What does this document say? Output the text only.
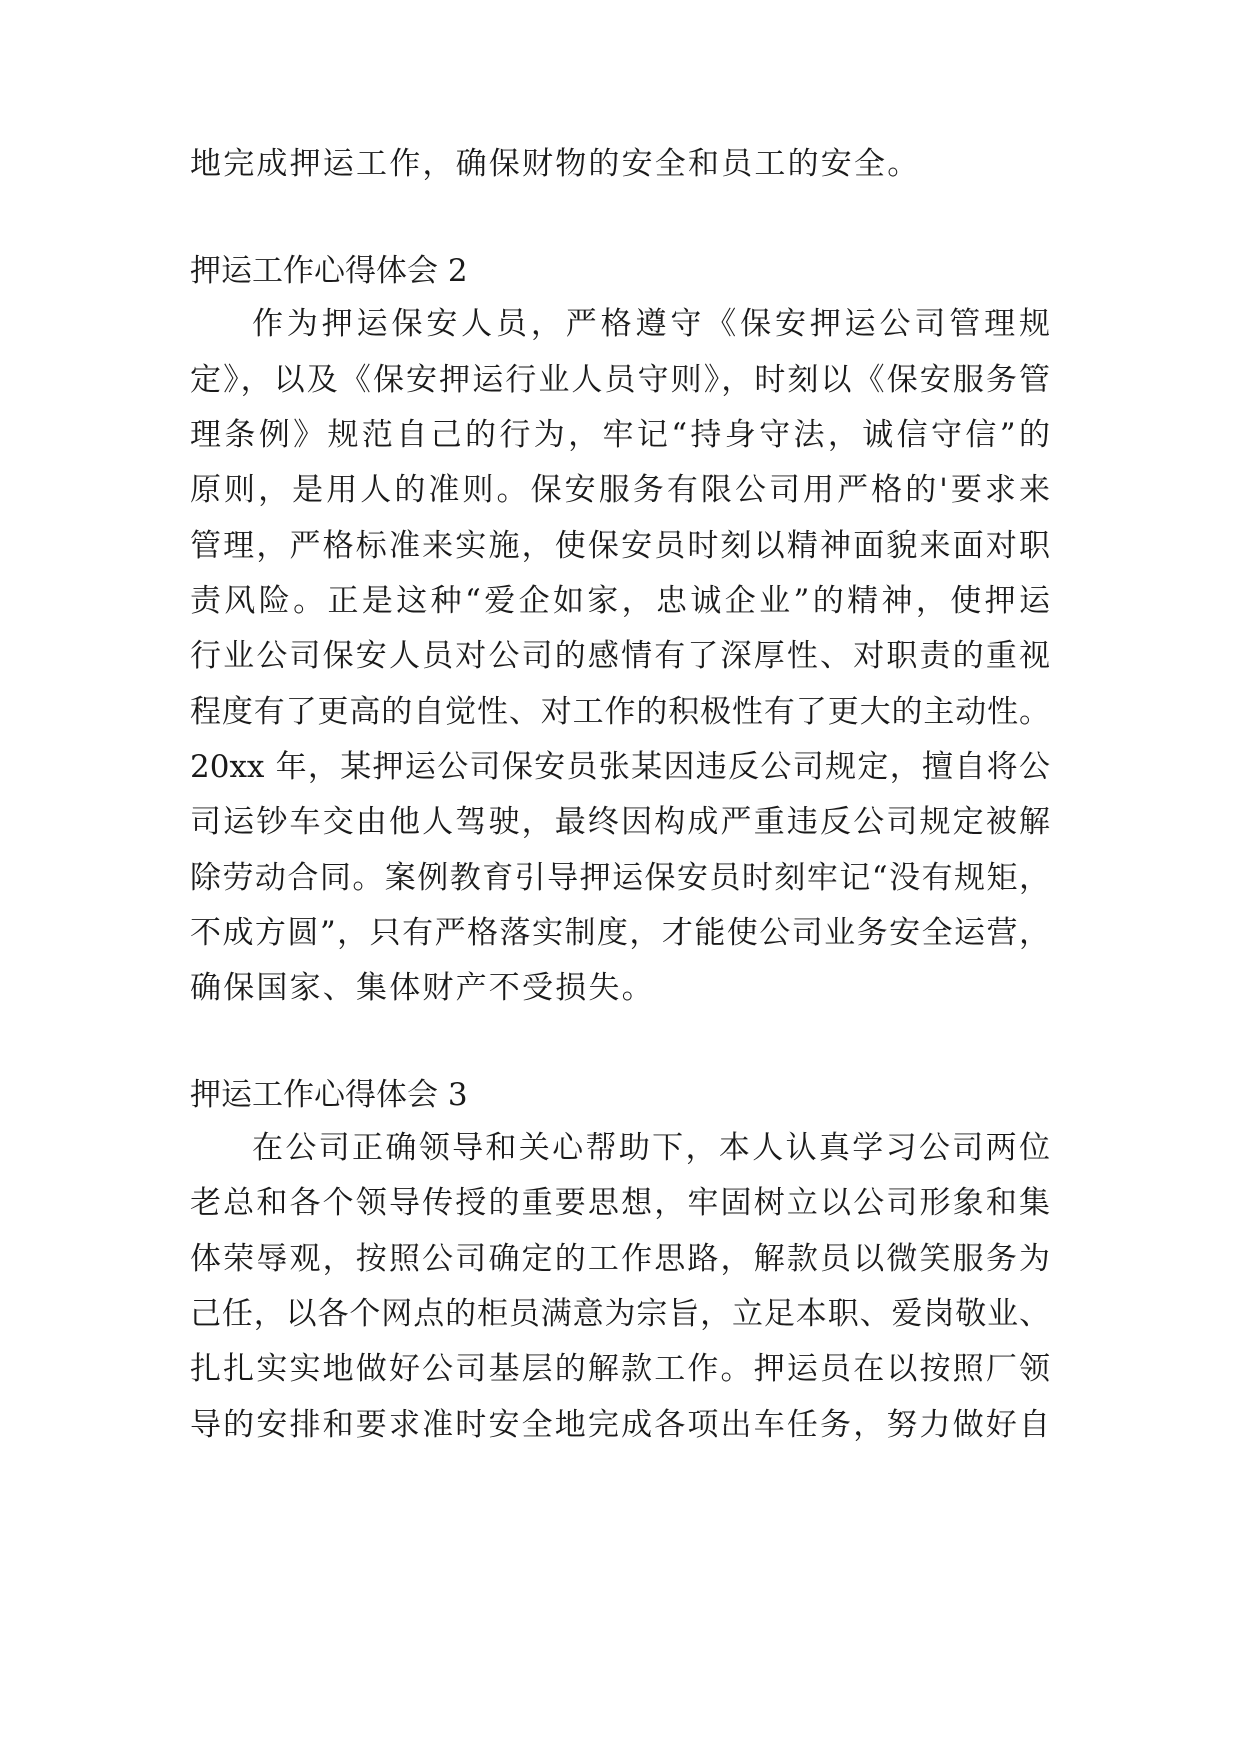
地完成押运工作，确保财物的安全和员工的安全。
押运工作心得体会 2
作为押运保安人员，严格遵守《保安押运公司管理规
定》，以及《保安押运行业人员守则》，时刻以《保安服务管
理条例》规范自己的行为，牢记“持身守法，诚信守信”的
原则，是用人的准则。保安服务有限公司用严格的'要求来
管理，严格标准来实施，使保安员时刻以精神面貌来面对职
责风险。正是这种“爱企如家，忠诚企业”的精神，使押运
行业公司保安人员对公司的感情有了深厚性、对职责的重视
程度有了更高的自觉性、对工作的积极性有了更大的主动性。
20xx 年，某押运公司保安员张某因违反公司规定，擅自将公
司运钞车交由他人驾驶，最终因构成严重违反公司规定被解
除劳动合同。案例教育引导押运保安员时刻牢记“没有规矩，
不成方圆”，只有严格落实制度，才能使公司业务安全运营，
确保国家、集体财产不受损失。
押运工作心得体会 3
在公司正确领导和关心帮助下，本人认真学习公司两位
老总和各个领导传授的重要思想，牢固树立以公司形象和集
体荣辱观，按照公司确定的工作思路，解款员以微笑服务为
己任，以各个网点的柜员满意为宗旨，立足本职、爱岗敬业、
扎扎实实地做好公司基层的解款工作。押运员在以按照厂领
导的安排和要求准时安全地完成各项出车任务，努力做好自
